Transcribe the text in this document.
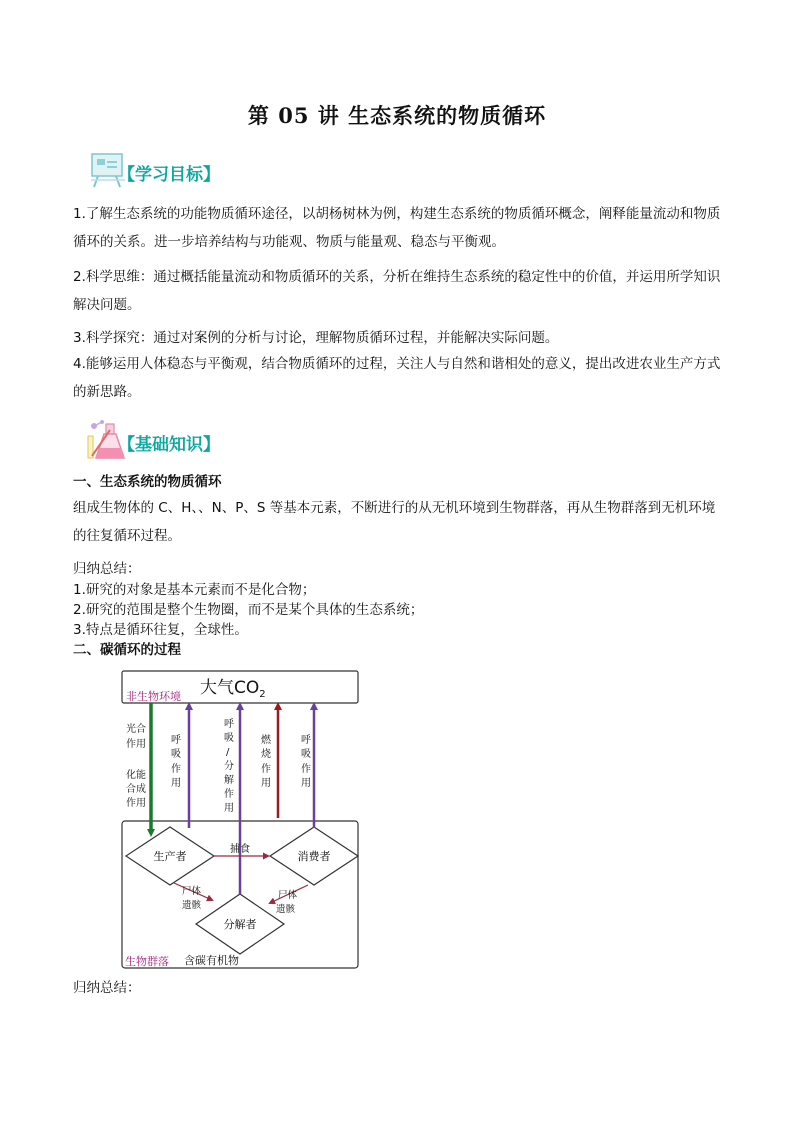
第 05 讲 生态系统的物质循环
【学习目标】
1.了解生态系统的功能物质循环途径，以胡杨树林为例，构建生态系统的物质循环概念，阐释能量流动和物质循环的关系。进一步培养结构与功能观、物质与能量观、稳态与平衡观。
2.科学思维：通过概括能量流动和物质循环的关系，分析在维持生态系统的稳定性中的价值，并运用所学知识解决问题。
3.科学探究：通过对案例的分析与讨论，理解物质循环过程，并能解决实际问题。
4.能够运用人体稳态与平衡观，结合物质循环的过程，关注人与自然和谐相处的意义，提出改进农业生产方式的新思路。
【基础知识】
一、生态系统的物质循环
组成生物体的 C、H、、N、P、S 等基本元素，不断进行的从无机环境到生物群落，再从生物群落到无机环境的往复循环过程。
归纳总结：
1.研究的对象是基本元素而不是化合物；
2.研究的范围是整个生物圈，而不是某个具体的生态系统；
3.特点是循环往复，全球性。
二、碳循环的过程
非生物环境 大气$CO_2$
生物群落 含碳有机物
生产者	消费者
分解者
捕食
光合 作用
化能 合成 作用
呼 吸 作 用
呼 吸 / 分 解 作 用
燃 烧 作 用
呼 吸 作 用
尸体 遗骸
尸体 遗骸
归纳总结：
